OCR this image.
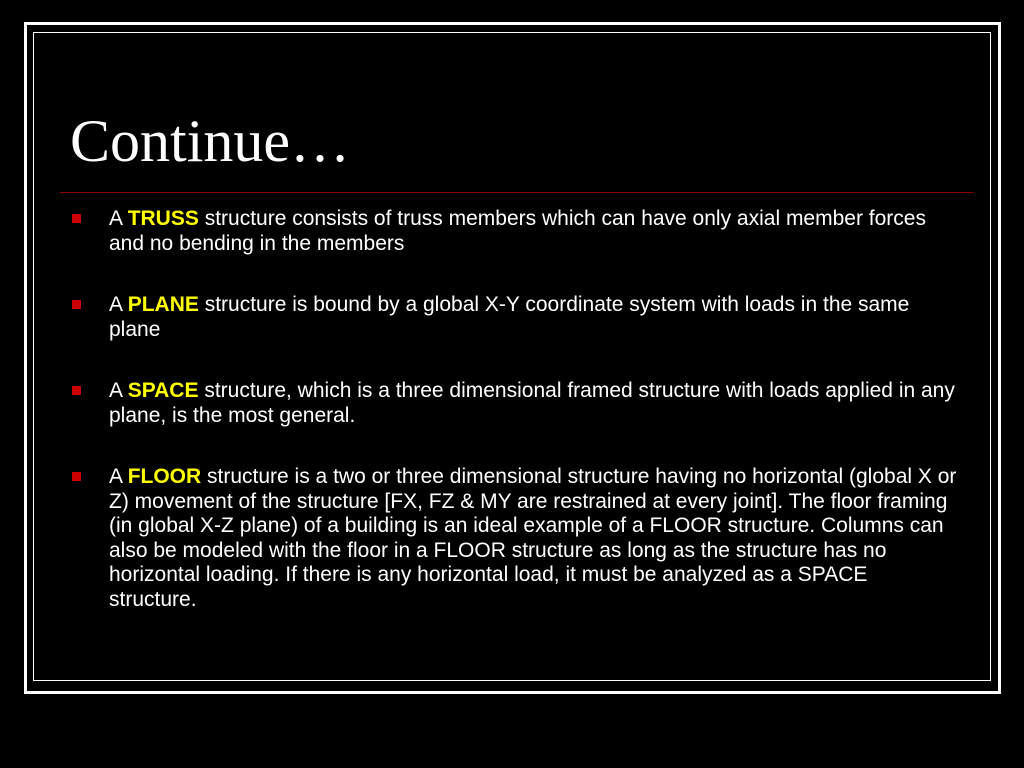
Continue…
A TRUSS structure consists of truss members which can have only axial member forces and no bending in the members
A PLANE structure is bound by a global X-Y coordinate system with loads in the same plane
A SPACE structure, which is a three dimensional framed structure with loads applied in any plane, is the most general.
A FLOOR structure is a two or three dimensional structure having no horizontal (global X or Z) movement of the structure [FX, FZ & MY are restrained at every joint]. The floor framing (in global X-Z plane) of a building is an ideal example of a FLOOR structure. Columns can also be modeled with the floor in a FLOOR structure as long as the structure has no horizontal loading. If there is any horizontal load, it must be analyzed as a SPACE structure.
